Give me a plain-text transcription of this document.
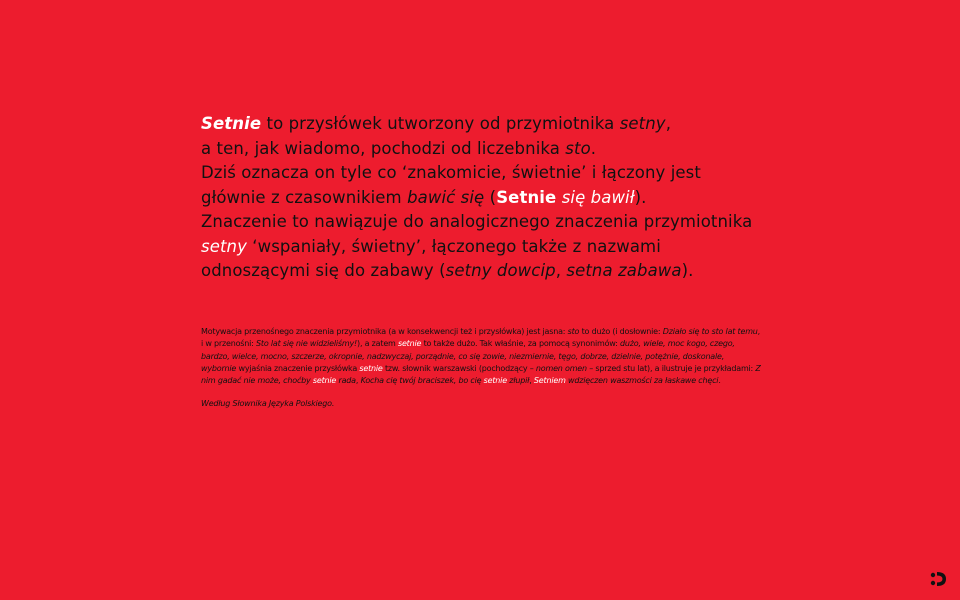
Setnie to przysłówek utworzony od przymiotnika setny,

a ten, jak wiadomo, pochodzi od liczebnika sto.

Dziś oznacza on tyle co ‘znakomicie, świetnie’ i łączony jest

głównie z czasownikiem bawić się (Setnie się bawił).

Znaczenie to nawiązuje do analogicznego znaczenia przymiotnika

setny ‘wspaniały, świetny’, łączonego także z nazwami

odnoszącymi się do zabawy (setny dowcip, setna zabawa).

Motywacja przenośnego znaczenia przymiotnika (a w konsekwencji też i przysłówka) jest jasna: sto to dużo (i dosłownie: Działo się to sto lat temu, i w przenośni: Sto lat się nie widzieliśmy!), a zatem setnie to także dużo. Tak właśnie, za pomocą synonimów: dużo, wiele, moc kogo, czego, bardzo, wielce, mocno, szczerze, okropnie, nadzwyczaj, porządnie, co się zowie, niezmiernie, tęgo, dobrze, dzielnie, potężnie, doskonale, wybornie wyjaśnia znaczenie przysłówka setnie tzw. słownik warszawski (pochodzący – nomen omen – sprzed stu lat), a ilustruje je przykładami: Z nim gadać nie może, choćby setnie rada, Kocha cię twój braciszek, bo cię setnie złupił, Setniem wdzięczen waszmości za łaskawe chęci.

Według Słownika Języka Polskiego.
